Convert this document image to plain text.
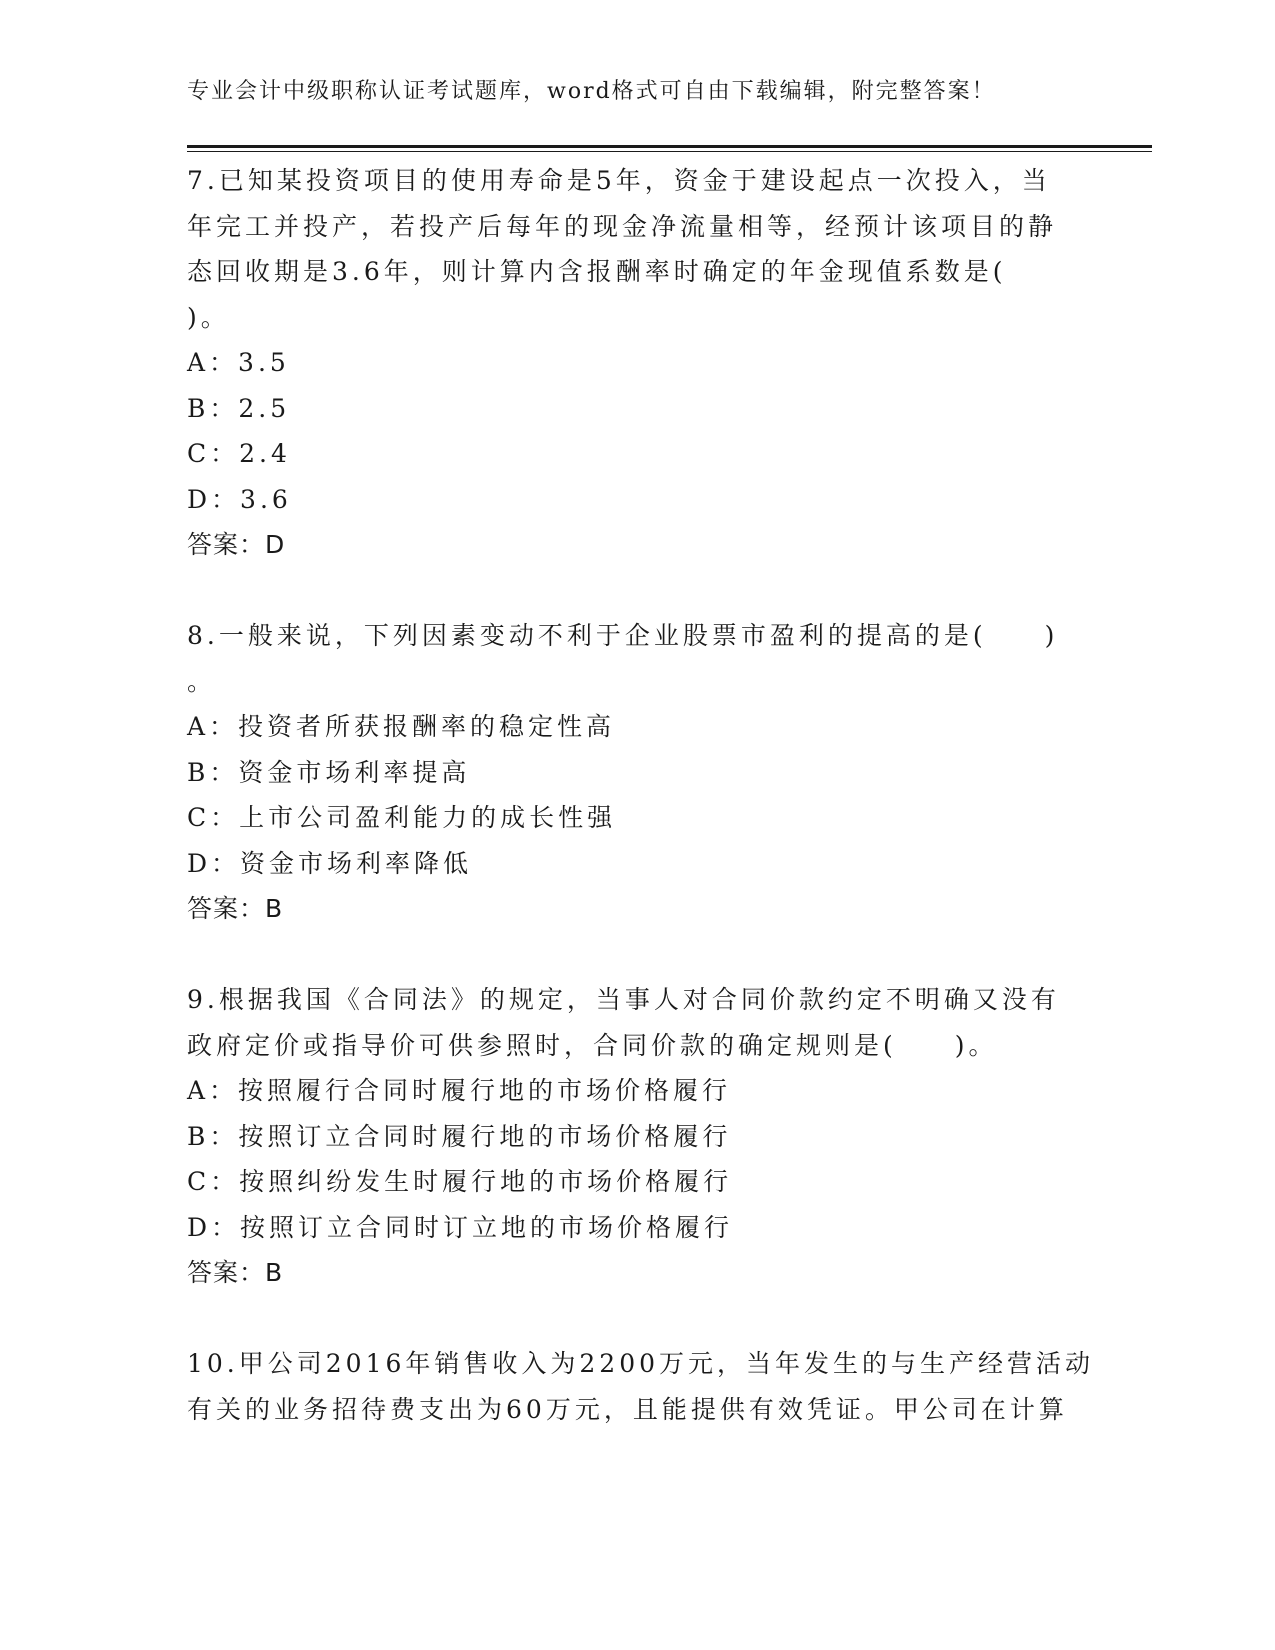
专业会计中级职称认证考试题库，word格式可自由下载编辑，附完整答案！
7.已知某投资项目的使用寿命是5年，资金于建设起点一次投入，当
年完工并投产，若投产后每年的现金净流量相等，经预计该项目的静
态回收期是3.6年，则计算内含报酬率时确定的年金现值系数是(
)。
A：3.5
B：2.5
C：2.4
D：3.6
答案：D
8.一般来说，下列因素变动不利于企业股票市盈利的提高的是(　　)
。
A：投资者所获报酬率的稳定性高
B：资金市场利率提高
C：上市公司盈利能力的成长性强
D：资金市场利率降低
答案：B
9.根据我国《合同法》的规定，当事人对合同价款约定不明确又没有
政府定价或指导价可供参照时，合同价款的确定规则是(　　)。
A：按照履行合同时履行地的市场价格履行
B：按照订立合同时履行地的市场价格履行
C：按照纠纷发生时履行地的市场价格履行
D：按照订立合同时订立地的市场价格履行
答案：B
10.甲公司2016年销售收入为2200万元，当年发生的与生产经营活动
有关的业务招待费支出为60万元，且能提供有效凭证。甲公司在计算
